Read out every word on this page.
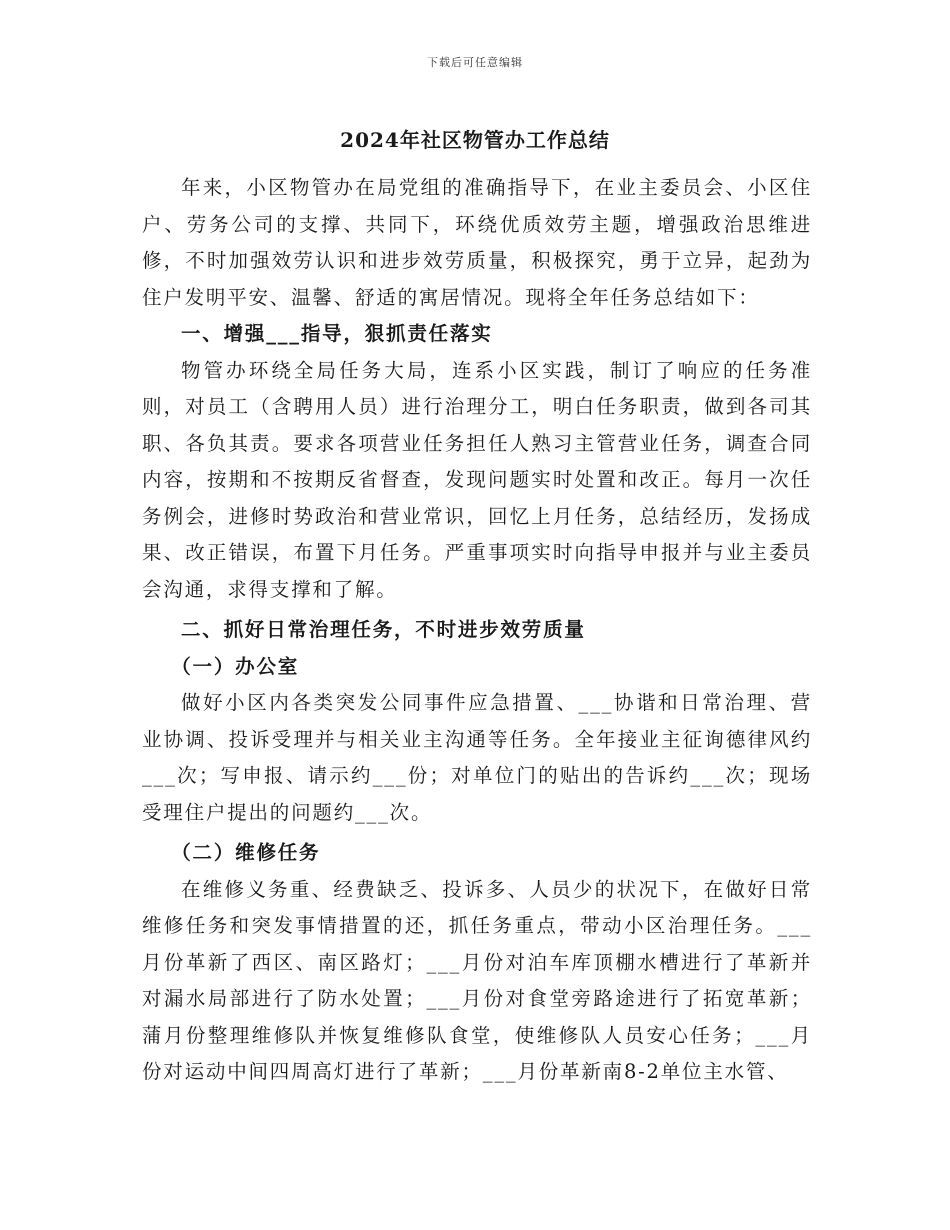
下载后可任意编辑
2024年社区物管办工作总结

年来，小区物管办在局党组的准确指导下，在业主委员会、小区住户、劳务公司的支撑、共同下，环绕优质效劳主题，增强政治思维进修，不时加强效劳认识和进步效劳质量，积极探究，勇于立异，起劲为住户发明平安、温馨、舒适的寓居情况。现将全年任务总结如下：

一、增强___指导，狠抓责任落实

物管办环绕全局任务大局，连系小区实践，制订了响应的任务准则，对员工（含聘用人员）进行治理分工，明白任务职责，做到各司其职、各负其责。要求各项营业任务担任人熟习主管营业任务，调查合同内容，按期和不按期反省督查，发现问题实时处置和改正。每月一次任务例会，进修时势政治和营业常识，回忆上月任务，总结经历，发扬成果、改正错误，布置下月任务。严重事项实时向指导申报并与业主委员会沟通，求得支撑和了解。

二、抓好日常治理任务，不时进步效劳质量
（一）办公室

做好小区内各类突发公同事件应急措置、___协谐和日常治理、营业协调、投诉受理并与相关业主沟通等任务。全年接业主征询德律风约___次；写申报、请示约___份；对单位门的贴出的告诉约___次；现场受理住户提出的问题约___次。

（二）维修任务

在维修义务重、经费缺乏、投诉多、人员少的状况下，在做好日常维修任务和突发事情措置的还，抓任务重点，带动小区治理任务。___月份革新了西区、南区路灯；___月份对泊车库顶棚水槽进行了革新并对漏水局部进行了防水处置；___月份对食堂旁路途进行了拓宽革新；蒲月份整理维修队并恢复维修队食堂，使维修队人员安心任务；___月份对运动中间四周高灯进行了革新；___月份革新南8-2单位主水管、
